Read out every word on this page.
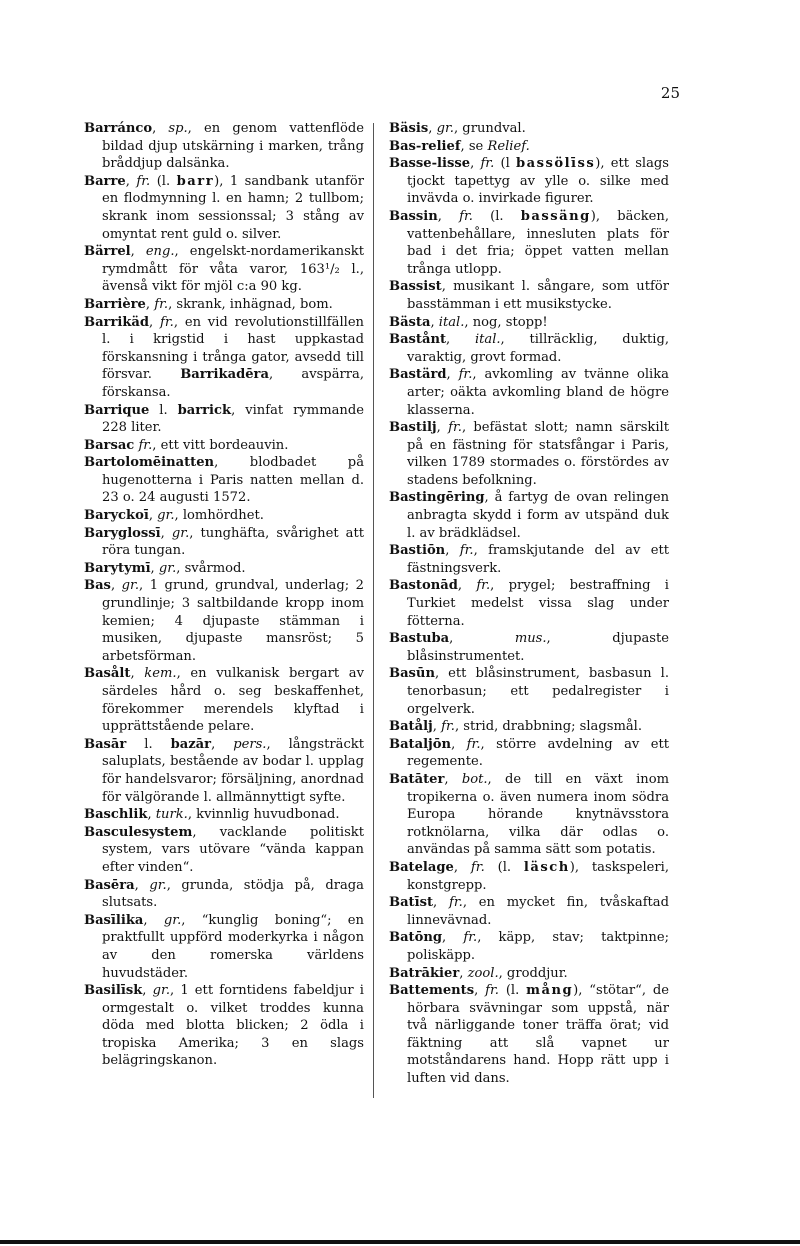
25

Barránco, sp., en genom vattenflöde bildad djup utskärning i marken, trång bråddjup dalsänka.

Barre, fr. (l. barr), 1 sandbank utanför en flodmynning l. en hamn; 2 tullbom; skrank inom sessionssal; 3 stång av omyntat rent guld o. silver.

Bärrel, eng., engelskt-nordamerikanskt rymdmått för våta varor, 163¹/₂ l., ävenså vikt för mjöl c:a 90 kg.

Barrière, fr., skrank, inhägnad, bom.

Barrikäd, fr., en vid revolutionstillfällen l. i krigstid i hast uppkastad förskansning i trånga gator, avsedd till försvar. Barrikadēra, avspärra, förskansa.

Barrique l. barrick, vinfat rymmande 228 liter.

Barsac fr., ett vitt bordeauvin.

Bartolomēinatten, blodbadet på hugenotterna i Paris natten mellan d. 23 o. 24 augusti 1572.

Baryckoī, gr., lomhördhet.

Baryglossī, gr., tunghäfta, svårighet att röra tungan.

Barytymī, gr., svårmod.

Bas, gr., 1 grund, grundval, underlag; 2 grundlinje; 3 saltbildande kropp inom kemien; 4 djupaste stämman i musiken, djupaste mansröst; 5 arbetsförman.

Basålt, kem., en vulkanisk bergart av särdeles hård o. seg beskaffenhet, förekommer merendels klyftad i upprättstående pelare.

Basār l. bazār, pers., långsträckt saluplats, bestående av bodar l. upplag för handelsvaror; försäljning, anordnad för välgörande l. allmännyttigt syfte.

Baschlik, turk., kvinnlig huvudbonad.

Basculesystem, vacklande politiskt system, vars utövare “vända kappan efter vinden“.

Basēra, gr., grunda, stödja på, draga slutsats.

Basīlika, gr., “kunglig boning“; en praktfullt uppförd moderkyrka i någon av den romerska världens huvudstäder.

Basilīsk, gr., 1 ett forntidens fabeldjur i ormgestalt o. vilket troddes kunna döda med blotta blicken; 2 ödla i tropiska Amerika; 3 en slags belägringskanon.

Bäsis, gr., grundval.

Bas-relief, se Relief.

Basse-lisse, fr. (l bassölīss), ett slags tjockt tapettyg av ylle o. silke med invävda o. invirkade figurer.

Bassin, fr. (l. bassäng), bäcken, vattenbehållare, innesluten plats för bad i det fria; öppet vatten mellan trånga utlopp.

Bassist, musikant l. sångare, som utför basstämman i ett musikstycke.

Bästa, ital., nog, stopp!

Bastånt, ital., tillräcklig, duktig, varaktig, grovt formad.

Bastärd, fr., avkomling av tvänne olika arter; oäkta avkomling bland de högre klasserna.

Bastilj, fr., befästat slott; namn särskilt på en fästning för statsfångar i Paris, vilken 1789 stormades o. förstördes av stadens befolkning.

Bastingēring, å fartyg de ovan relingen anbragta skydd i form av utspänd duk l. av brädklädsel.

Bastiōn, fr., framskjutande del av ett fästningsverk.

Bastonād, fr., prygel; bestraffning i Turkiet medelst vissa slag under fötterna.

Bastuba, mus., djupaste blåsinstrumentet.

Basūn, ett blåsinstrument, basbasun l. tenorbasun; ett pedalregister i orgelverk.

Batålj, fr., strid, drabbning; slagsmål.

Bataljōn, fr., större avdelning av ett regemente.

Batāter, bot., de till en växt inom tropikerna o. även numera inom södra Europa hörande knytnävsstora rotknölarna, vilka där odlas o. användas på samma sätt som potatis.

Batelage, fr. (l. läsch), taskspeleri, konstgrepp.

Batīst, fr., en mycket fin, tvåskaftad linnevävnad.

Batōng, fr., käpp, stav; taktpinne; poliskäpp.

Batrākier, zool., groddjur.

Battements, fr. (l. mång), “stötar“, de hörbara svävningar som uppstå, när två närliggande toner träffa örat; vid fäktning att slå vapnet ur motståndarens hand. Hopp rätt upp i luften vid dans.
